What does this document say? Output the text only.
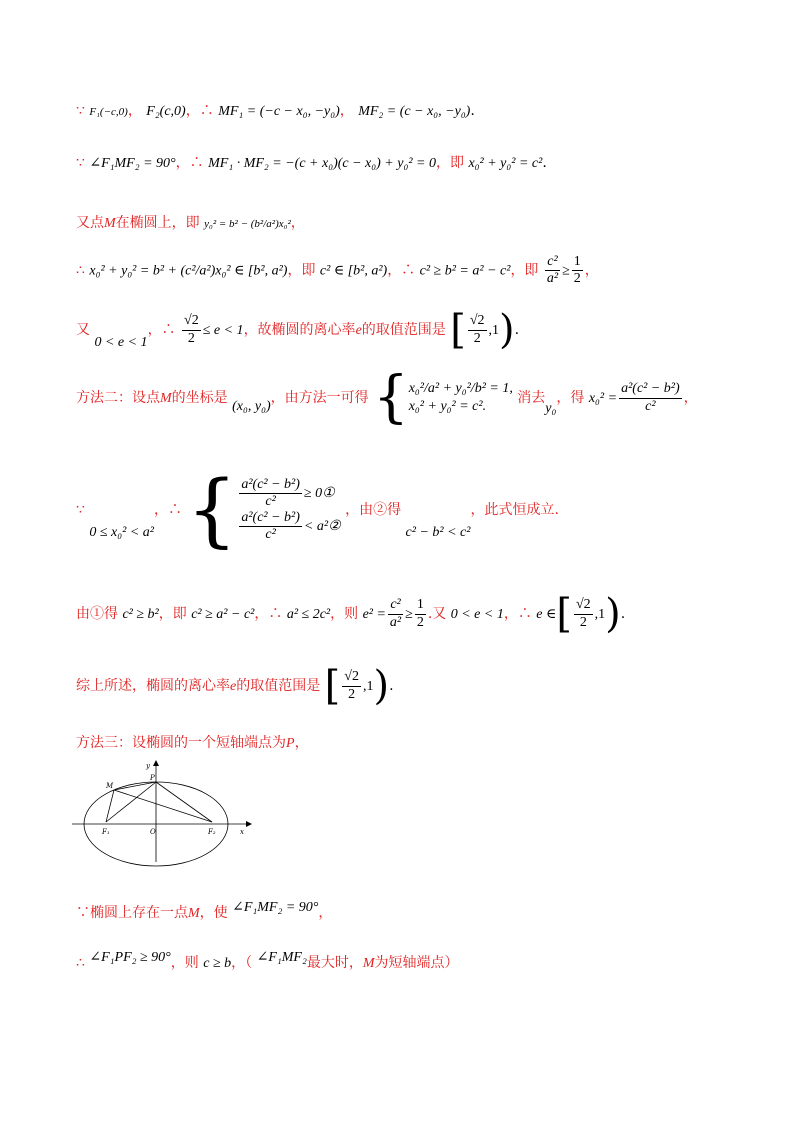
∵ F₁(−c,0)， F₂(c,0)，∴ MF₁ = (−c − x₀, −y₀)， MF₂ = (c − x₀, −y₀).
∵ ∠F₁MF₂ = 90°，∴ MF₁ · MF₂ = −(c + x₀)(c − x₀) + y₀² = 0，即 x₀² + y₀² = c².
又点M在椭圆上，即 y₀² = b² − (b²/a²)x₀²，
∴ x₀² + y₀² = b² + (c²/a²)x₀² ∈ [b², a²)，即 c² ∈ [b², a²)，∴ c² ≥ b² = a² − c²，即 $\frac{\text{c²}}{\text{a²}} \ge \frac{1}{2}$ ，
又 0 < e < 1，∴ $\frac{√2}{2} \le e < 1$，故椭圆的离心率e的取值范围是 [ $\frac{√2}{2} ,1$).
方法二：设点M的坐标是 (x₀, y₀)，由方法一可得 { x₀²/a² + y₀²/b² = 1,
x₀² + y₀² = c².
消去y₀，得 $x_0^2 = \frac{\text{a²(c² − b²)}}{\text{c²}}$ ，
∵ 0 ≤ x₀² < a²，∴ { $\frac{\text{a²(c² − b²)}}{\text{c²}}$ ≥ 0①
$\frac{\text{a²(c² − b²)}}{\text{c²}}$ < a²②
，由②得 c² − b² < c²，此式恒成立.
由①得 c² ≥ b²，即 c² ≥ a² − c²，∴ a² ≤ 2c²，则 $e^2 = \frac{\text{c²}}{\text{a²}} \ge \frac{1}{2}$ .又 0 < e < 1，∴ e ∈[ $\frac{√2}{2} ,1$).
综上所述，椭圆的离心率e的取值范围是 [ $\frac{√2}{2} ,1$).
方法三：设椭圆的一个短轴端点为P，
y
P
M
F₁	O	F₂	x
∵椭圆上存在一点M，使 ∠F₁MF₂ = 90°，
∴ ∠F₁PF₂ ≥ 90°，则 c ≥ b，（ ∠F₁MF₂最大时，M为短轴端点）
